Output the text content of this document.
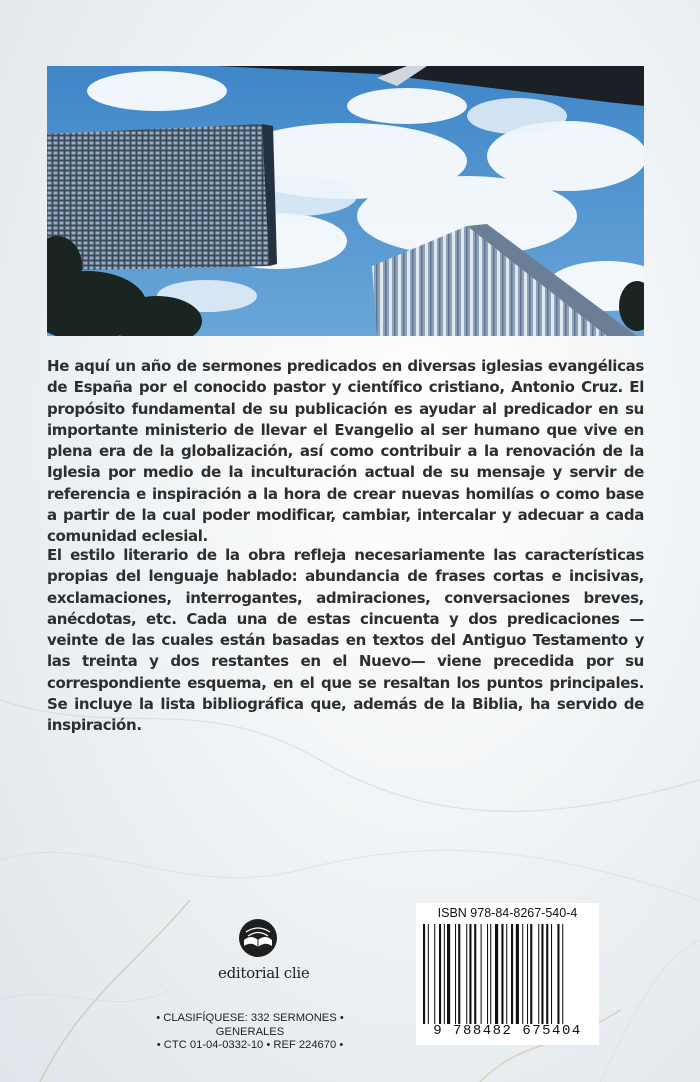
He aquí un año de sermones predicados en diversas iglesias evangélicas de España por el conocido pastor y científico cristiano, Antonio Cruz. El propósito fundamental de su publicación es ayudar al predicador en su importante ministerio de llevar el Evangelio al ser humano que vive en plena era de la globalización, así como contribuir a la renovación de la Iglesia por medio de la inculturación actual de su mensaje y servir de referencia e inspiración a la hora de crear nuevas homilías o como base a partir de la cual poder modificar, cambiar, intercalar y adecuar a cada comunidad eclesial.

El estilo literario de la obra refleja necesariamente las características propias del lenguaje hablado: abundancia de frases cortas e incisivas, exclamaciones, interrogantes, admiraciones, conversaciones breves, anécdotas, etc. Cada una de estas cincuenta y dos predicaciones —veinte de las cuales están basadas en textos del Antiguo Testamento y las treinta y dos restantes en el Nuevo— viene precedida por su correspondiente esquema, en el que se resaltan los puntos principales. Se incluye la lista bibliográfica que, además de la Biblia, ha servido de inspiración.

editorial clie
• CLASIFÍQUESE: 332 SERMONES •
GENERALES
• CTC 01-04-0332-10 • REF 224670 •
ISBN 978-84-8267-540-4
9 788482 675404
